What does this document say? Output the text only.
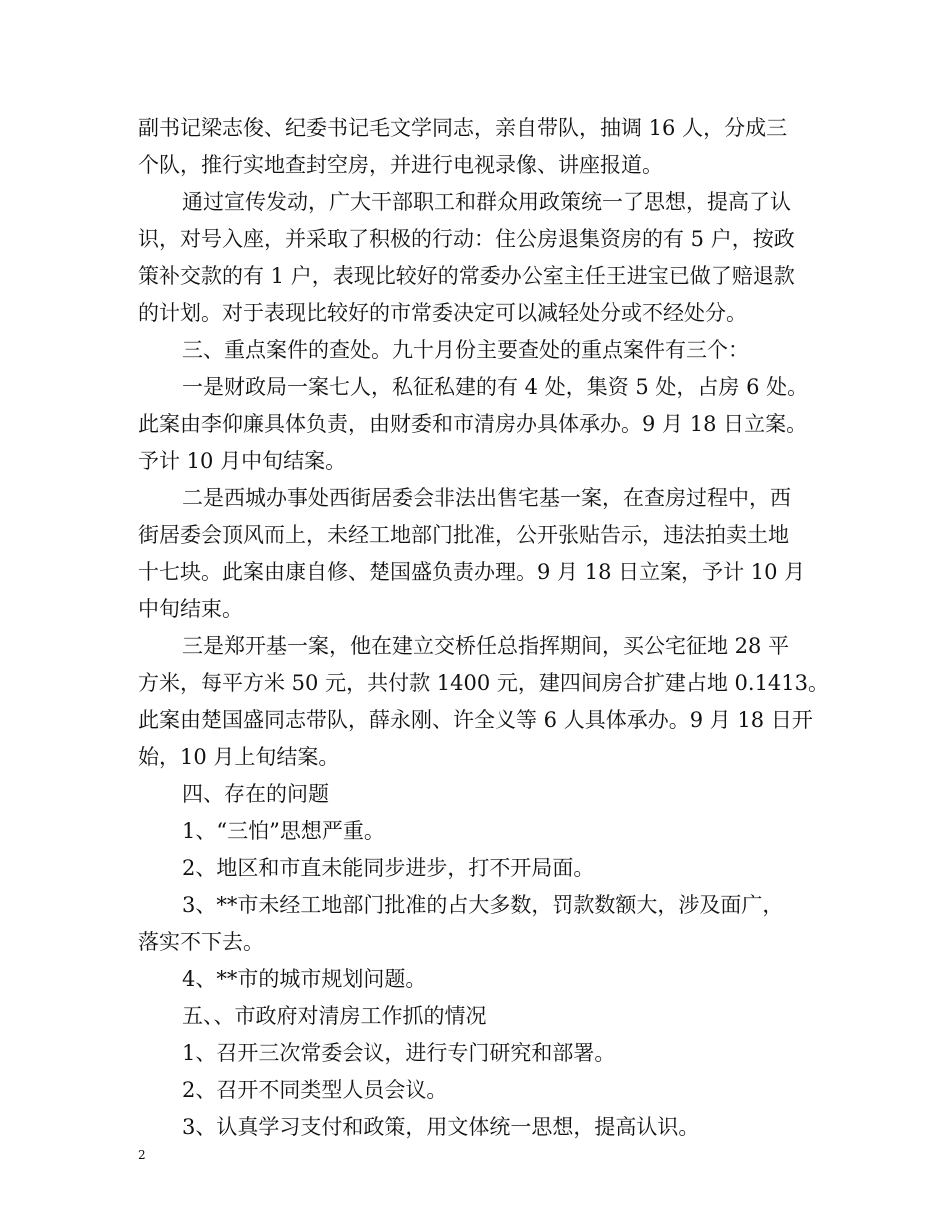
副书记梁志俊、纪委书记毛文学同志，亲自带队，抽调 16 人，分成三
个队，推行实地查封空房，并进行电视录像、讲座报道。
通过宣传发动，广大干部职工和群众用政策统一了思想，提高了认
识，对号入座，并采取了积极的行动：住公房退集资房的有 5 户，按政
策补交款的有 1 户，表现比较好的常委办公室主任王进宝已做了赔退款
的计划。对于表现比较好的市常委决定可以减轻处分或不经处分。
三、重点案件的查处。九十月份主要查处的重点案件有三个：
一是财政局一案七人，私征私建的有 4 处，集资 5 处，占房 6 处。
此案由李仰廉具体负责，由财委和市清房办具体承办。9 月 18 日立案。
予计 10 月中旬结案。
二是西城办事处西街居委会非法出售宅基一案，在查房过程中，西
街居委会顶风而上，未经工地部门批准，公开张贴告示，违法拍卖土地
十七块。此案由康自修、楚国盛负责办理。9 月 18 日立案，予计 10 月
中旬结束。
三是郑开基一案，他在建立交桥任总指挥期间，买公宅征地 28 平
方米，每平方米 50 元，共付款 1400 元，建四间房合扩建占地 0.1413。
此案由楚国盛同志带队，薛永刚、许全义等 6 人具体承办。9 月 18 日开
始，10 月上旬结案。
四、存在的问题
1、“三怕”思想严重。
2、地区和市直未能同步进步，打不开局面。
3、**市未经工地部门批准的占大多数，罚款数额大，涉及面广，
落实不下去。
4、**市的城市规划问题。
五、、市政府对清房工作抓的情况
1、召开三次常委会议，进行专门研究和部署。
2、召开不同类型人员会议。
3、认真学习支付和政策，用文体统一思想，提高认识。
2
